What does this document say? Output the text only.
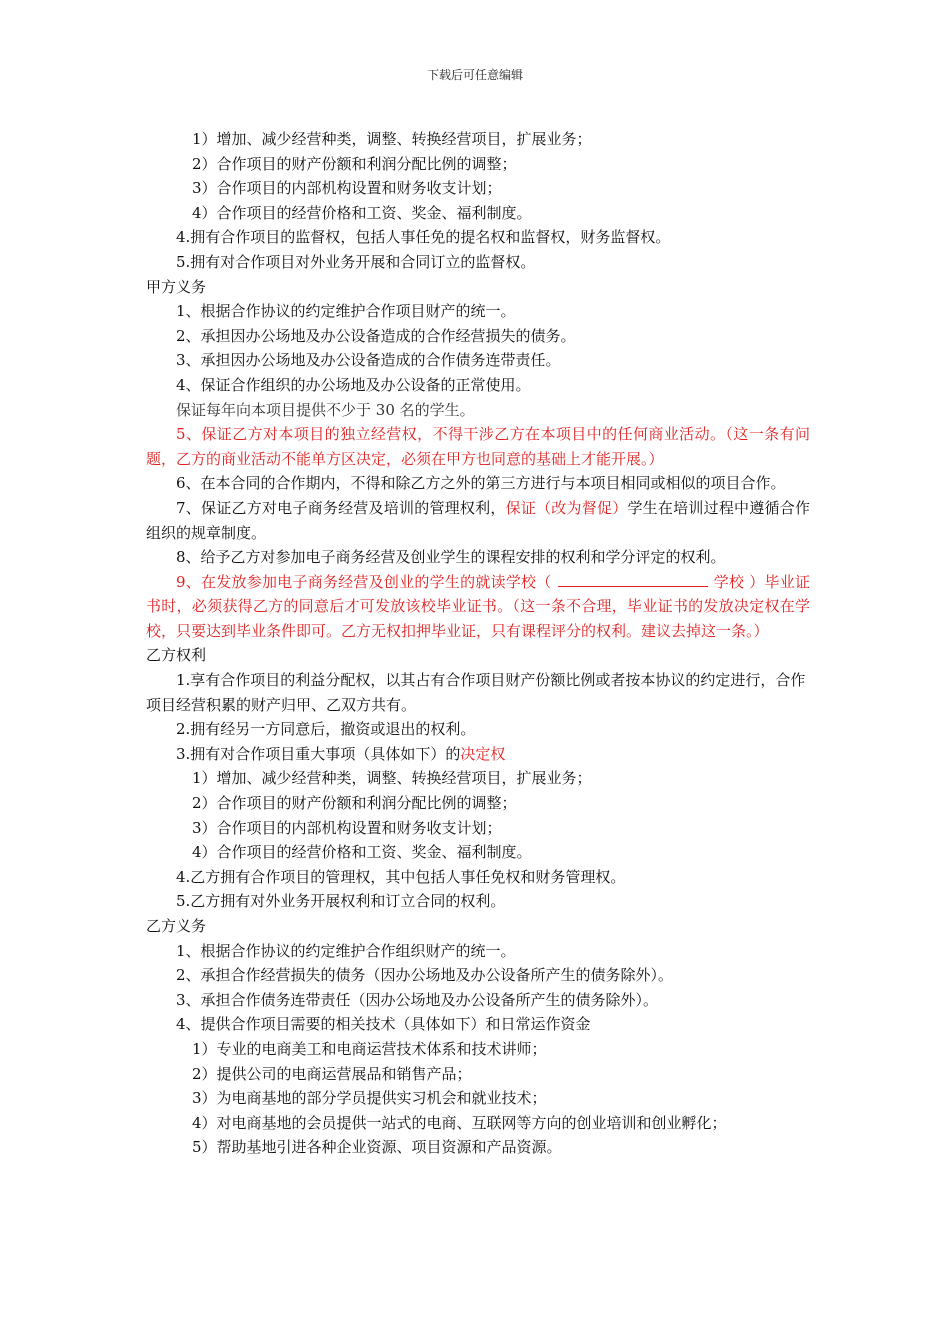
下载后可任意编辑

1）增加、减少经营种类，调整、转换经营项目，扩展业务；

2）合作项目的财产份额和利润分配比例的调整；

3）合作项目的内部机构设置和财务收支计划；

4）合作项目的经营价格和工资、奖金、福利制度。

4.拥有合作项目的监督权，包括人事任免的提名权和监督权，财务监督权。

5.拥有对合作项目对外业务开展和合同订立的监督权。

甲方义务

1、根据合作协议的约定维护合作项目财产的统一。

2、承担因办公场地及办公设备造成的合作经营损失的债务。

3、承担因办公场地及办公设备造成的合作债务连带责任。

4、保证合作组织的办公场地及办公设备的正常使用。

保证每年向本项目提供不少于 30 名的学生。

5、保证乙方对本项目的独立经营权，不得干涉乙方在本项目中的任何商业活动。（这一条有问题，乙方的商业活动不能单方区决定，必须在甲方也同意的基础上才能开展。）

6、在本合同的合作期内，不得和除乙方之外的第三方进行与本项目相同或相似的项目合作。

7、保证乙方对电子商务经营及培训的管理权利，保证（改为督促）学生在培训过程中遵循合作组织的规章制度。

8、给予乙方对参加电子商务经营及创业学生的课程安排的权利和学分评定的权利。

9、在发放参加电子商务经营及创业的学生的就读学校（	学校 ）毕业证书时，必须获得乙方的同意后才可发放该校毕业证书。（这一条不合理，毕业证书的发放决定权在学校，只要达到毕业条件即可。乙方无权扣押毕业证，只有课程评分的权利。建议去掉这一条。）

乙方权利

1.享有合作项目的利益分配权，以其占有合作项目财产份额比例或者按本协议的约定进行，合作项目经营积累的财产归甲、乙双方共有。

2.拥有经另一方同意后，撤资或退出的权利。

3.拥有对合作项目重大事项（具体如下）的决定权

1）增加、减少经营种类，调整、转换经营项目，扩展业务；

2）合作项目的财产份额和利润分配比例的调整；

3）合作项目的内部机构设置和财务收支计划；

4）合作项目的经营价格和工资、奖金、福利制度。

4.乙方拥有合作项目的管理权，其中包括人事任免权和财务管理权。

5.乙方拥有对外业务开展权利和订立合同的权利。

乙方义务

1、根据合作协议的约定维护合作组织财产的统一。

2、承担合作经营损失的债务（因办公场地及办公设备所产生的债务除外）。

3、承担合作债务连带责任（因办公场地及办公设备所产生的债务除外）。

4、提供合作项目需要的相关技术（具体如下）和日常运作资金

1）专业的电商美工和电商运营技术体系和技术讲师；

2）提供公司的电商运营展品和销售产品；

3）为电商基地的部分学员提供实习机会和就业技术；

4）对电商基地的会员提供一站式的电商、互联网等方向的创业培训和创业孵化；

5）帮助基地引进各种企业资源、项目资源和产品资源。
